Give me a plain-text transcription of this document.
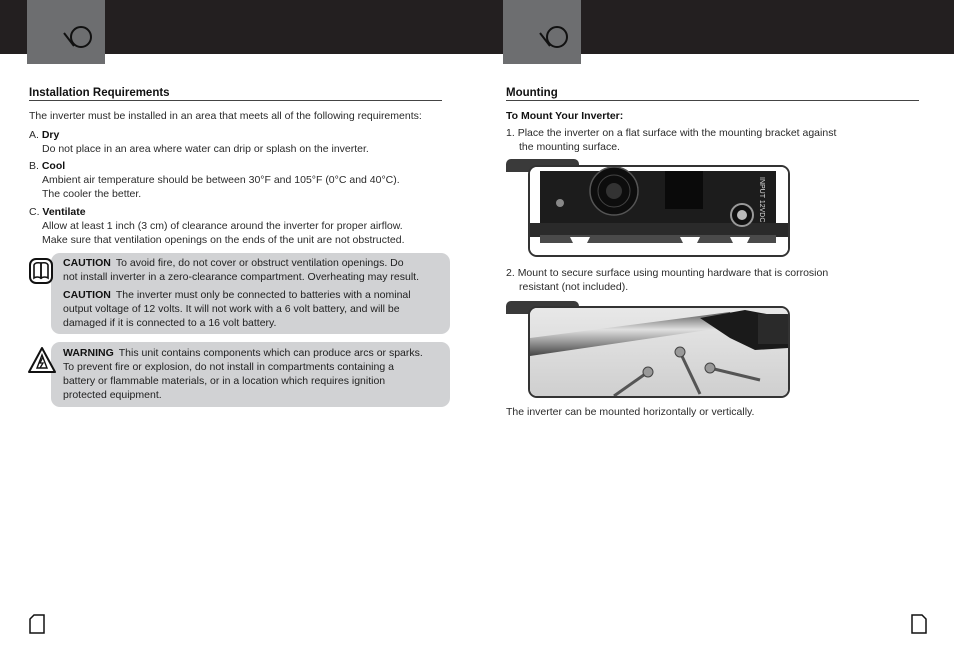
Installation Requirements
The inverter must be installed in an area that meets all of the following requirements:
A. Dry
Do not place in an area where water can drip or splash on the inverter.
B. Cool
Ambient air temperature should be between 30°F and 105°F (0°C and 40°C).
The cooler the better.
C. Ventilate
Allow at least 1 inch (3 cm) of clearance around the inverter for proper airflow.
Make sure that ventilation openings on the ends of the unit are not obstructed.
CAUTION To avoid fire, do not cover or obstruct ventilation openings. Do
not install inverter in a zero-clearance compartment. Overheating may result.
CAUTION The inverter must only be connected to batteries with a nominal
output voltage of 12 volts. It will not work with a 6 volt battery, and will be
damaged if it is connected to a 16 volt battery.
WARNING This unit contains components which can produce arcs or sparks.
To prevent fire or explosion, do not install in compartments containing a
battery or flammable materials, or in a location which requires ignition
protected equipment.
Mounting
To Mount Your Inverter:
1. Place the inverter on a flat surface with the mounting bracket against
the mounting surface.
INPUT 12VDC
2. Mount to secure surface using mounting hardware that is corrosion
resistant (not included).
The inverter can be mounted horizontally or vertically.
